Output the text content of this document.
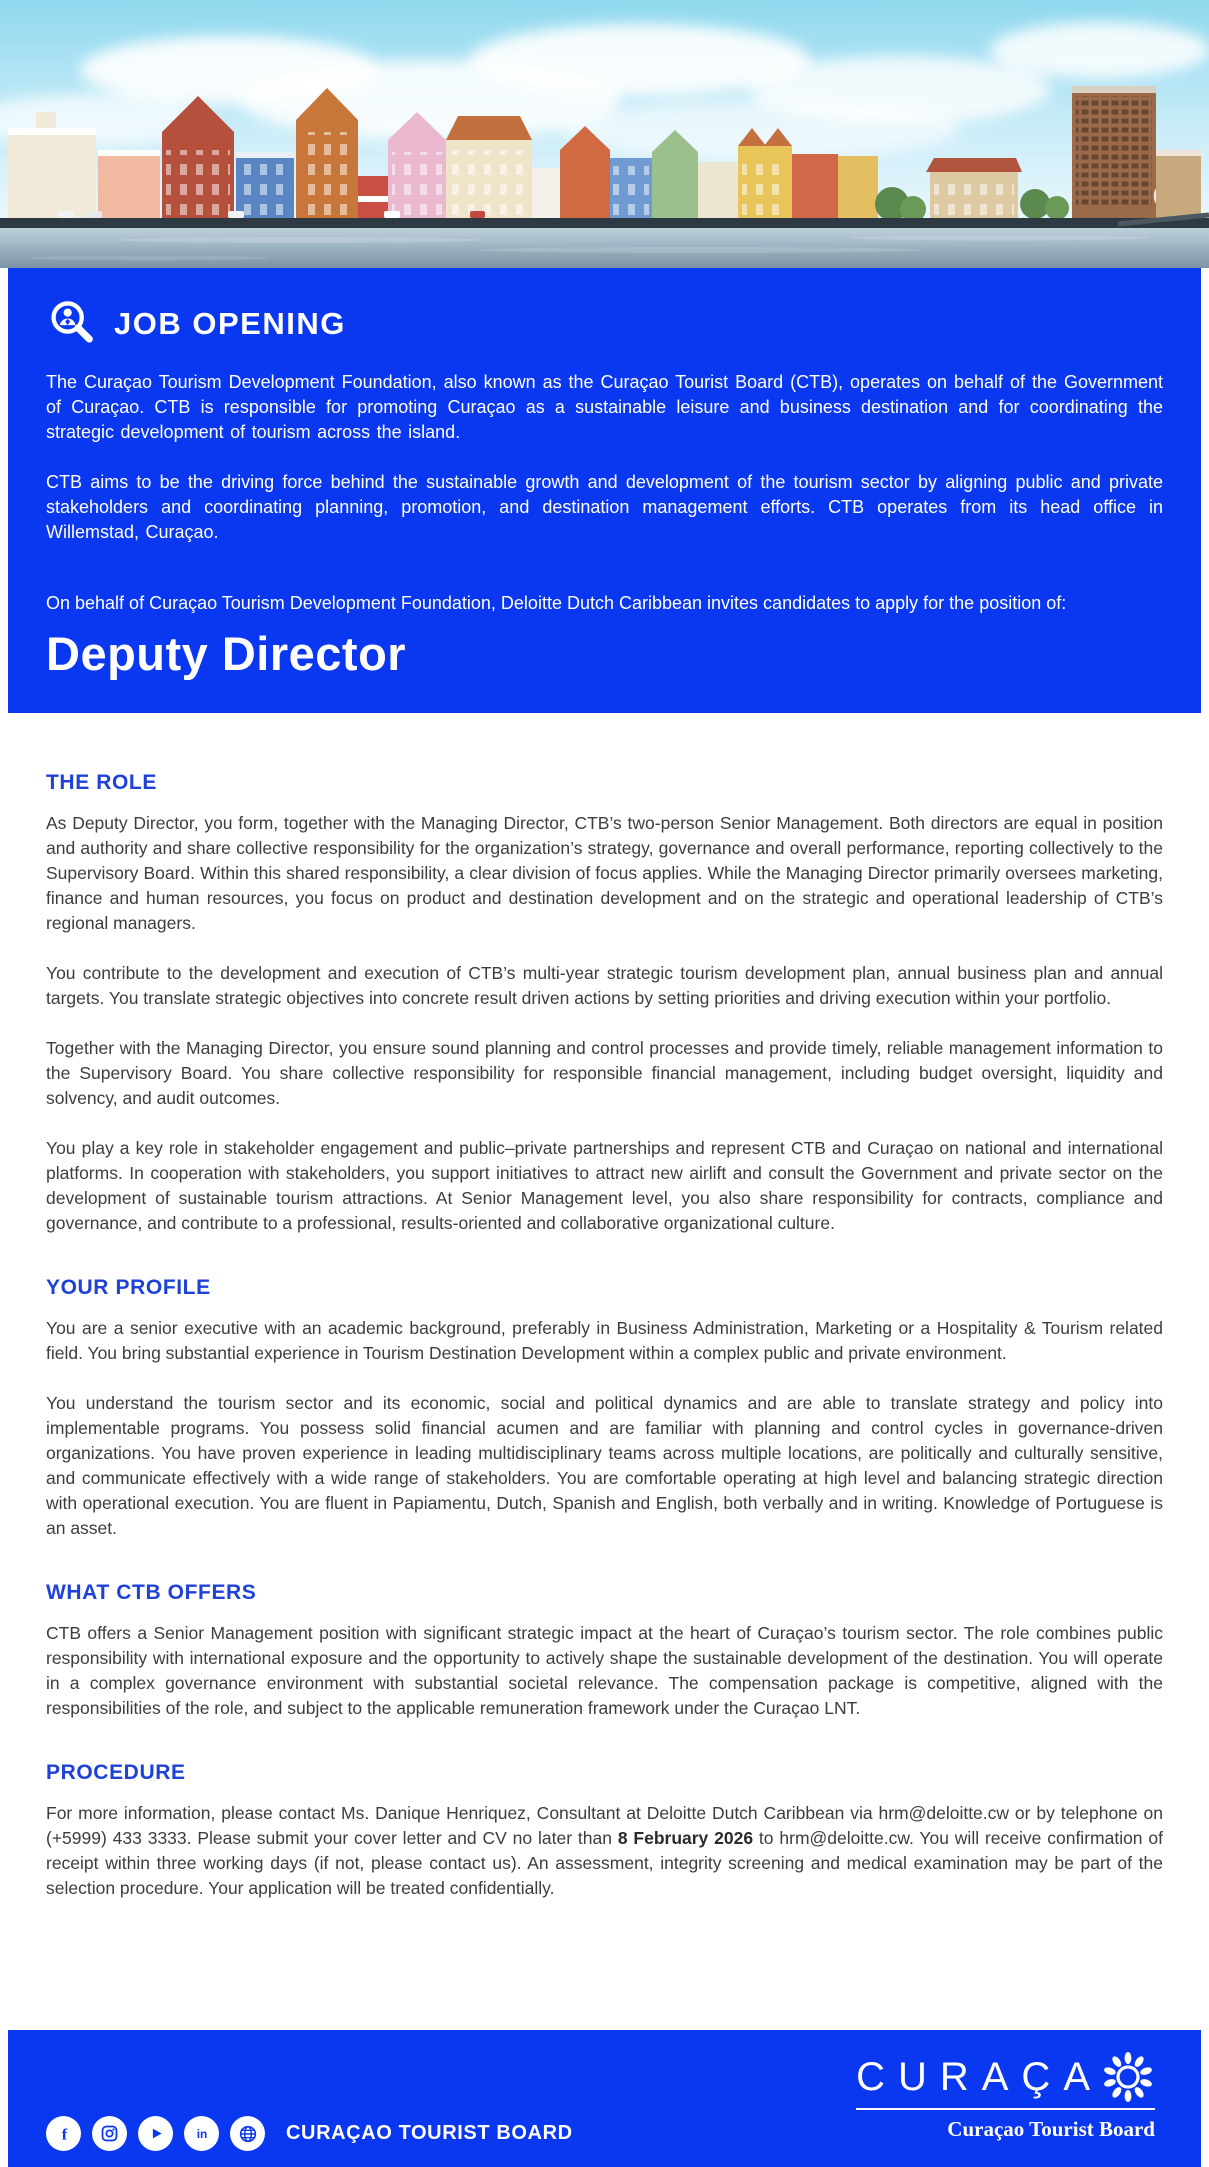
JOB OPENING

The Curaçao Tourism Development Foundation, also known as the Curaçao Tourist Board (CTB), operates on behalf of the Government of Curaçao. CTB is responsible for promoting Curaçao as a sustainable leisure and business destination and for coordinating the strategic development of tourism across the island.

CTB aims to be the driving force behind the sustainable growth and development of the tourism sector by aligning public and private stakeholders and coordinating planning, promotion, and destination management efforts. CTB operates from its head office in Willemstad, Curaçao.

On behalf of Curaçao Tourism Development Foundation, Deloitte Dutch Caribbean invites candidates to apply for the position of:

Deputy Director
THE ROLE

As Deputy Director, you form, together with the Managing Director, CTB’s two-person Senior Management. Both directors are equal in position and authority and share collective responsibility for the organization’s strategy, governance and overall performance, reporting collectively to the Supervisory Board. Within this shared responsibility, a clear division of focus applies. While the Managing Director primarily oversees marketing, finance and human resources, you focus on product and destination development and on the strategic and operational leadership of CTB’s regional managers.

You contribute to the development and execution of CTB’s multi-year strategic tourism development plan, annual business plan and annual targets. You translate strategic objectives into concrete result driven actions by setting priorities and driving execution within your portfolio.

Together with the Managing Director, you ensure sound planning and control processes and provide timely, reliable management information to the Supervisory Board. You share collective responsibility for responsible financial management, including budget oversight, liquidity and solvency, and audit outcomes.

You play a key role in stakeholder engagement and public–private partnerships and represent CTB and Curaçao on national and international platforms. In cooperation with stakeholders, you support initiatives to attract new airlift and consult the Government and private sector on the development of sustainable tourism attractions. At Senior Management level, you also share responsibility for contracts, compliance and governance, and contribute to a professional, results-oriented and collaborative organizational culture.

YOUR PROFILE

You are a senior executive with an academic background, preferably in Business Administration, Marketing or a Hospitality & Tourism related field. You bring substantial experience in Tourism Destination Development within a complex public and private environment.

You understand the tourism sector and its economic, social and political dynamics and are able to translate strategy and policy into implementable programs. You possess solid financial acumen and are familiar with planning and control cycles in governance-driven organizations. You have proven experience in leading multidisciplinary teams across multiple locations, are politically and culturally sensitive, and communicate effectively with a wide range of stakeholders. You are comfortable operating at high level and balancing strategic direction with operational execution. You are fluent in Papiamentu, Dutch, Spanish and English, both verbally and in writing. Knowledge of Portuguese is an asset.

WHAT CTB OFFERS

CTB offers a Senior Management position with significant strategic impact at the heart of Curaçao’s tourism sector. The role combines public responsibility with international exposure and the opportunity to actively shape the sustainable development of the destination. You will operate in a complex governance environment with substantial societal relevance. The compensation package is competitive, aligned with the responsibilities of the role, and subject to the applicable remuneration framework under the Curaçao LNT.

PROCEDURE

For more information, please contact Ms. Danique Henriquez, Consultant at Deloitte Dutch Caribbean via hrm@deloitte.cw or by telephone on (+5999) 433 3333. Please submit your cover letter and CV no later than 8 February 2026 to hrm@deloitte.cw. You will receive confirmation of receipt within three working days (if not, please contact us). An assessment, integrity screening and medical examination may be part of the selection procedure. Your application will be treated confidentially.

f	in	CURAÇAO TOURIST BOARD
CURAÇA
Curaçao Tourist Board
